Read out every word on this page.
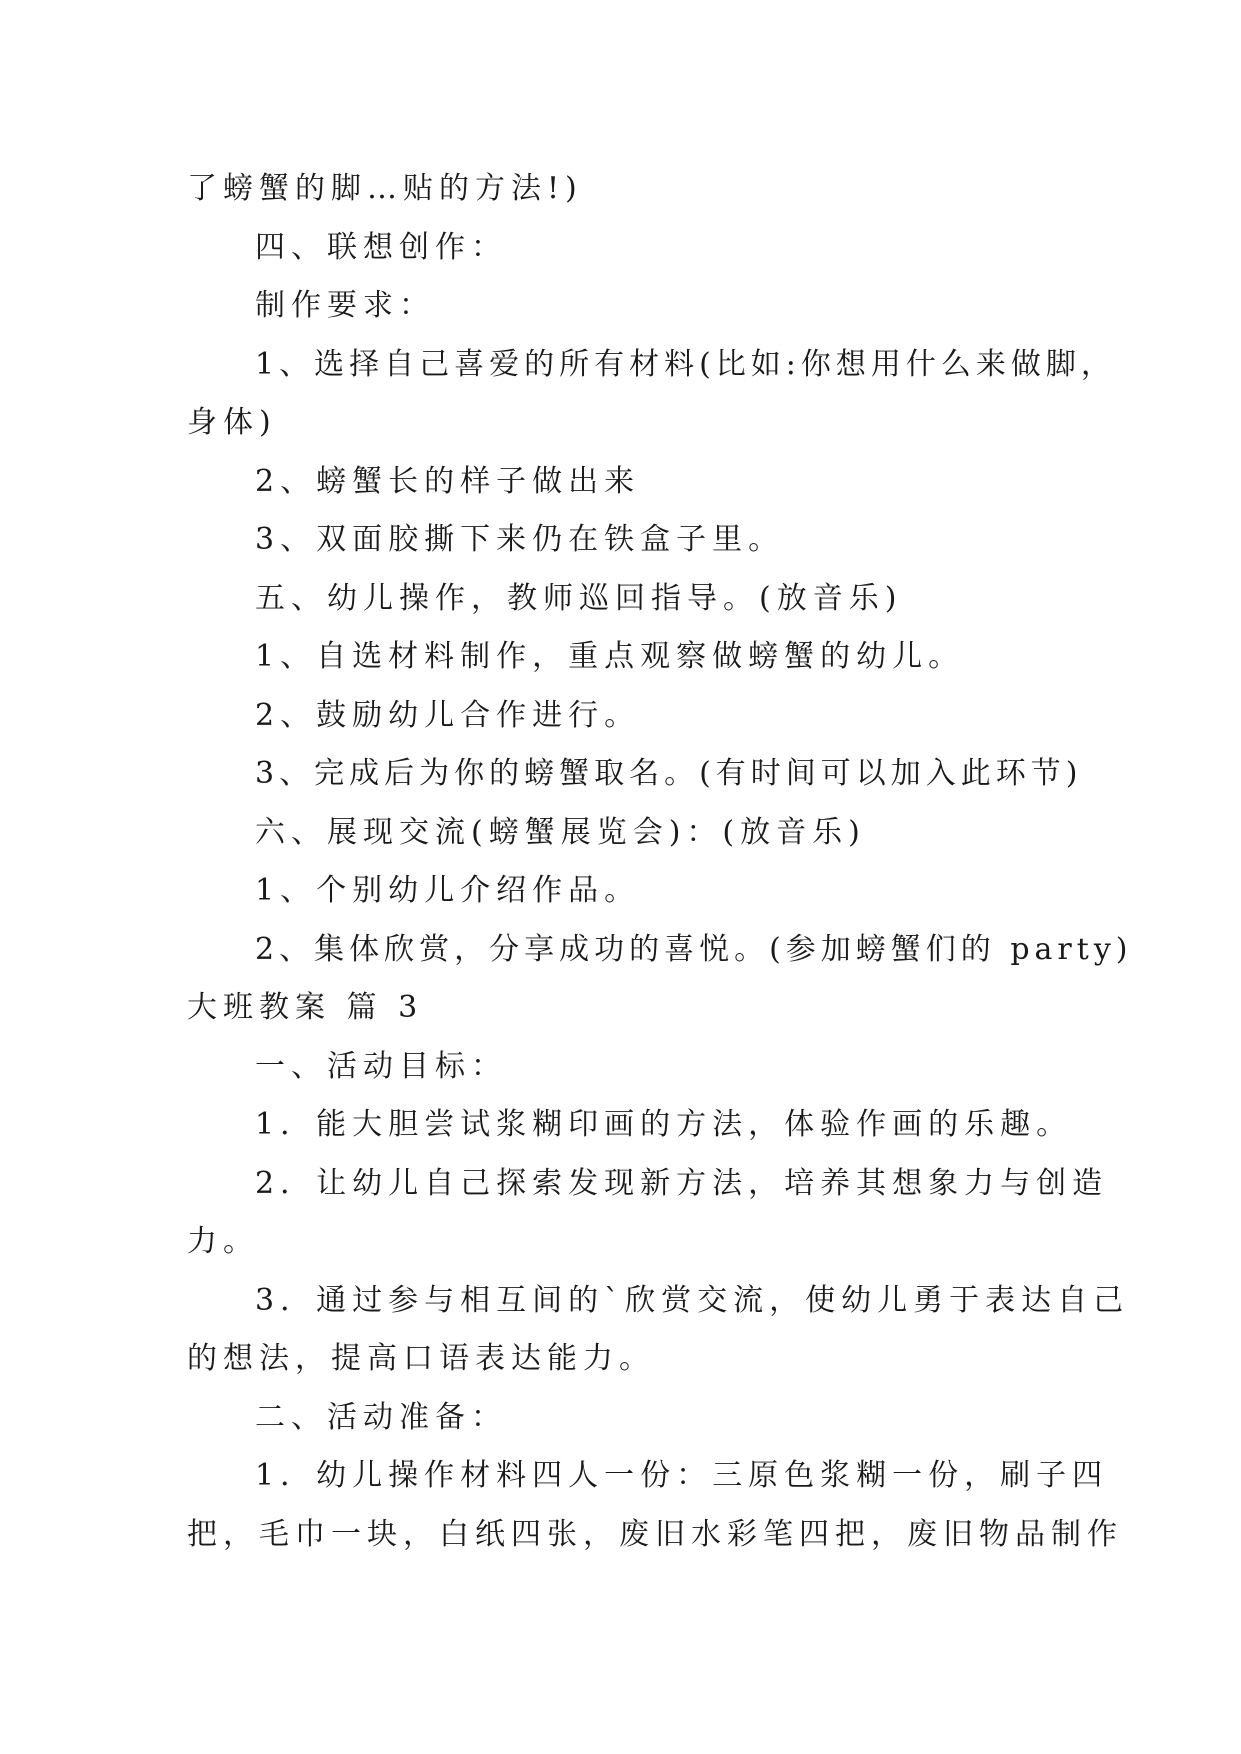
了螃蟹的脚…贴的方法!)
四、联想创作：
制作要求：
1、选择自己喜爱的所有材料(比如:你想用什么来做脚，
身体)
2、螃蟹长的样子做出来
3、双面胶撕下来仍在铁盒子里。
五、幼儿操作，教师巡回指导。(放音乐)
1、自选材料制作，重点观察做螃蟹的幼儿。
2、鼓励幼儿合作进行。
3、完成后为你的螃蟹取名。(有时间可以加入此环节)
六、展现交流(螃蟹展览会)：(放音乐)
1、个别幼儿介绍作品。
2、集体欣赏，分享成功的喜悦。(参加螃蟹们的 party)
大班教案 篇 3
一、活动目标：
1．能大胆尝试浆糊印画的方法，体验作画的乐趣。
2．让幼儿自己探索发现新方法，培养其想象力与创造
力。
3．通过参与相互间的`欣赏交流，使幼儿勇于表达自己
的想法，提高口语表达能力。
二、活动准备：
1．幼儿操作材料四人一份：三原色浆糊一份，刷子四
把，毛巾一块，白纸四张，废旧水彩笔四把，废旧物品制作
